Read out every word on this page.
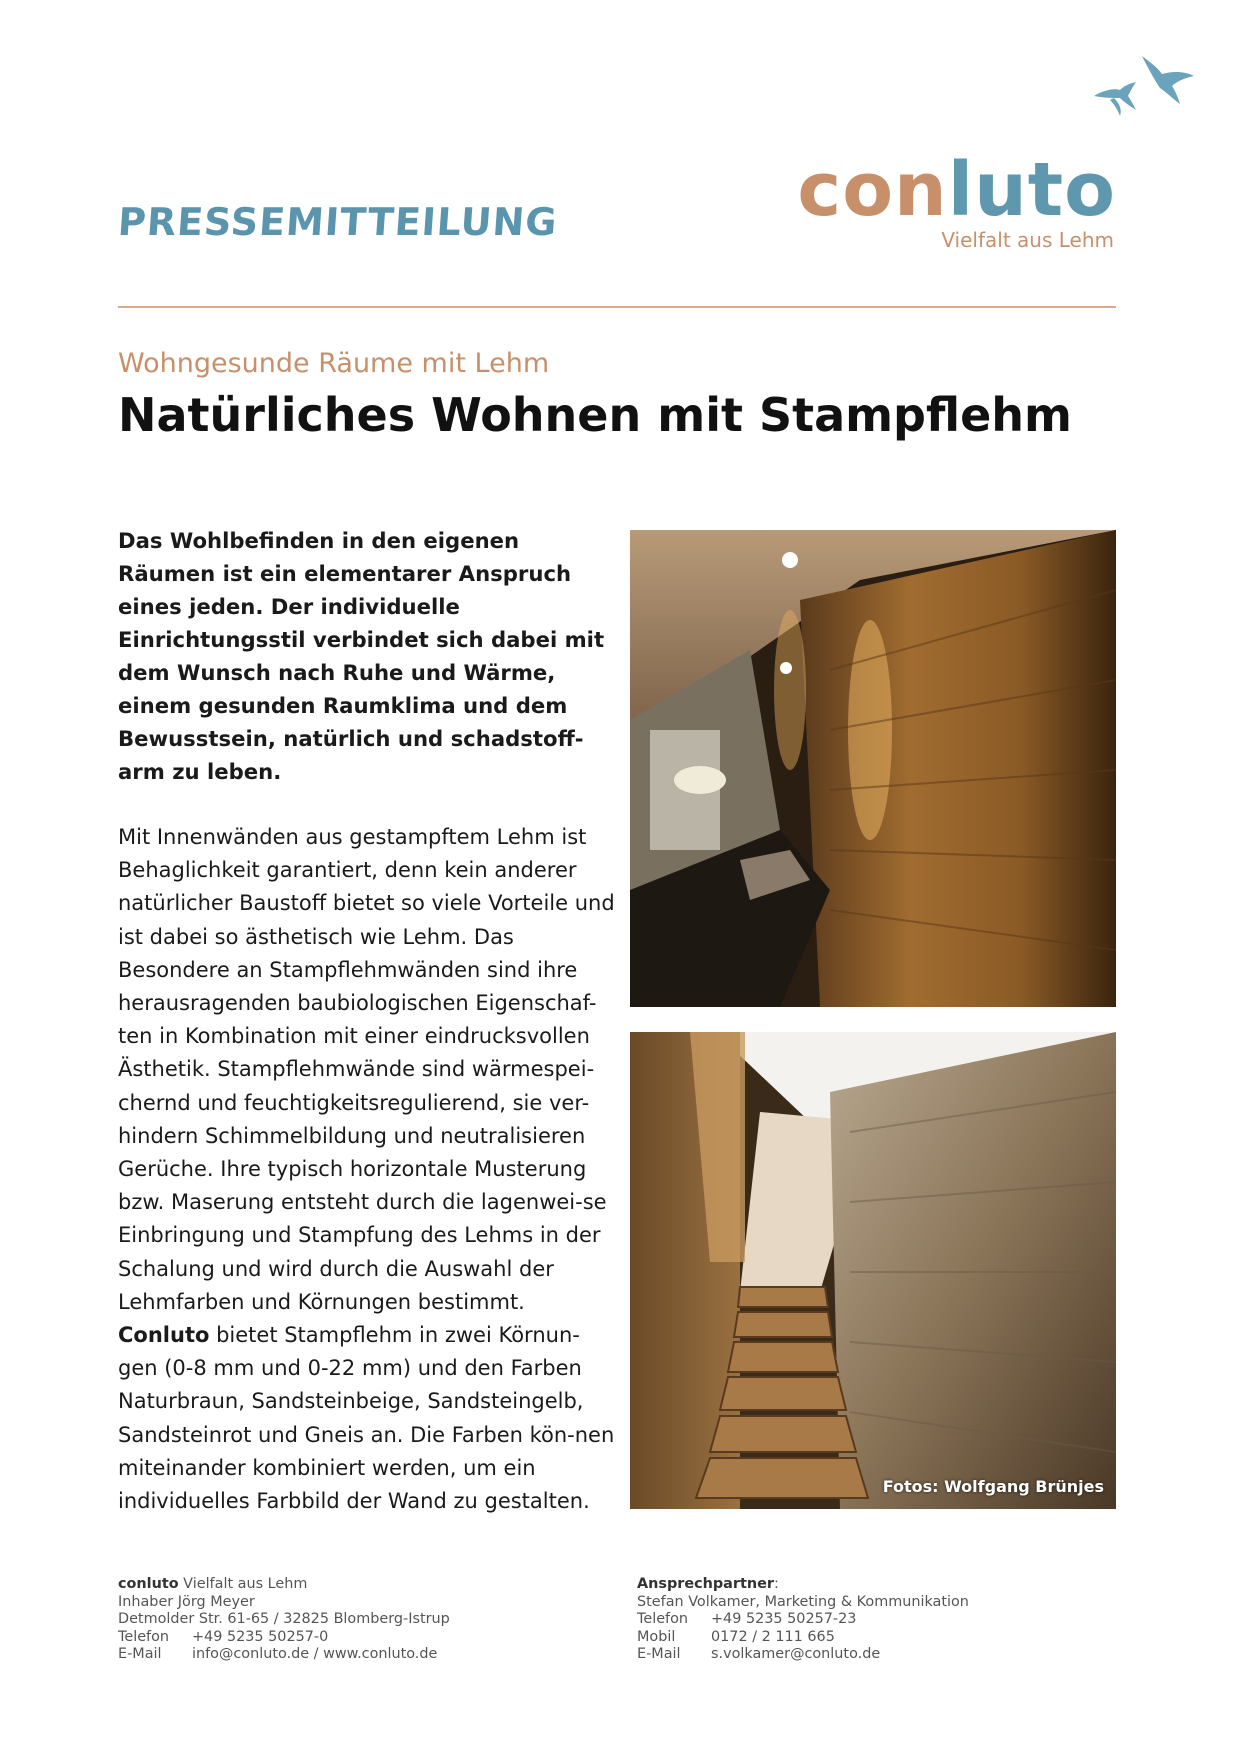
PRESSEMITTEILUNG	conluto
Vielfalt aus Lehm
Wohngesunde Räume mit Lehm
Natürliches Wohnen mit Stampflehm

Das Wohlbefinden in den eigenen Räumen ist ein elementarer Anspruch eines jeden. Der individuelle Einrichtungsstil verbindet sich dabei mit dem Wunsch nach Ruhe und Wärme, einem gesunden Raumklima und dem Bewusstsein, natürlich und schadstoff-arm zu leben.

Mit Innenwänden aus gestampftem Lehm ist Behaglichkeit garantiert, denn kein anderer natürlicher Baustoff bietet so viele Vorteile und ist dabei so ästhetisch wie Lehm. Das Besondere an Stampflehmwänden sind ihre herausragenden baubiologischen Eigenschaf-ten in Kombination mit einer eindrucksvollen Ästhetik. Stampflehmwände sind wärmespei-chernd und feuchtigkeitsregulierend, sie ver-hindern Schimmelbildung und neutralisieren Gerüche. Ihre typisch horizontale Musterung bzw. Maserung entsteht durch die lagenwei-se Einbringung und Stampfung des Lehms in der Schalung und wird durch die Auswahl der Lehmfarben und Körnungen bestimmt. Conluto bietet Stampflehm in zwei Körnun-gen (0-8 mm und 0-22 mm) und den Farben Naturbraun, Sandsteinbeige, Sandsteingelb, Sandsteinrot und Gneis an. Die Farben kön-nen miteinander kombiniert werden, um ein individuelles Farbbild der Wand zu gestalten.

Fotos: Wolfgang Brünjes
conluto Vielfalt aus Lehm
Inhaber Jörg Meyer
Detmolder Str. 61-65 / 32825 Blomberg-Istrup
Telefon +49 5235 50257-0
E-Mail info@conluto.de / www.conluto.de
Ansprechpartner:
Stefan Volkamer, Marketing & Kommunikation
Telefon +49 5235 50257-23
Mobil 0172 / 2 111 665
E-Mail s.volkamer@conluto.de
